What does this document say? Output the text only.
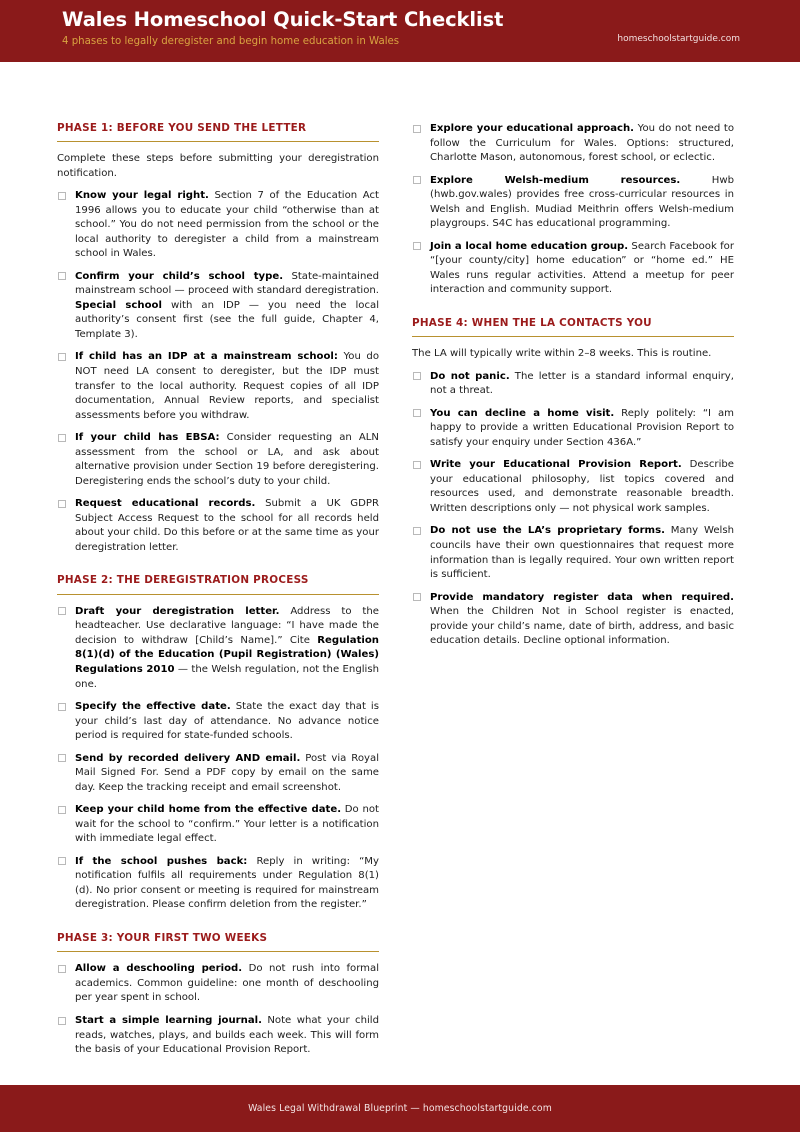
Wales Homeschool Quick-Start Checklist
4 phases to legally deregister and begin home education in Wales	homeschoolstartguide.com
PHASE 1: BEFORE YOU SEND THE LETTER

Complete these steps before submitting your deregistration notification.

Know your legal right. Section 7 of the Education Act 1996 allows you to educate your child “otherwise than at school.” You do not need permission from the school or the local authority to deregister a child from a mainstream school in Wales.
Confirm your child’s school type. State-maintained mainstream school — proceed with standard deregistration. Special school with an IDP — you need the local authority’s consent first (see the full guide, Chapter 4, Template 3).
If child has an IDP at a mainstream school: You do NOT need LA consent to deregister, but the IDP must transfer to the local authority. Request copies of all IDP documentation, Annual Review reports, and specialist assessments before you withdraw.
If your child has EBSA: Consider requesting an ALN assessment from the school or LA, and ask about alternative provision under Section 19 before deregistering. Deregistering ends the school’s duty to your child.
Request educational records. Submit a UK GDPR Subject Access Request to the school for all records held about your child. Do this before or at the same time as your deregistration letter.
PHASE 2: THE DEREGISTRATION PROCESS
Draft your deregistration letter. Address to the headteacher. Use declarative language: “I have made the decision to withdraw [Child’s Name].” Cite Regulation 8(1)(d) of the Education (Pupil Registration) (Wales) Regulations 2010 — the Welsh regulation, not the English one.
Specify the effective date. State the exact day that is your child’s last day of attendance. No advance notice period is required for state-funded schools.
Send by recorded delivery AND email. Post via Royal Mail Signed For. Send a PDF copy by email on the same day. Keep the tracking receipt and email screenshot.
Keep your child home from the effective date. Do not wait for the school to “confirm.” Your letter is a notification with immediate legal effect.
If the school pushes back: Reply in writing: “My notification fulfils all requirements under Regulation 8(1)(d). No prior consent or meeting is required for mainstream deregistration. Please confirm deletion from the register.”
PHASE 3: YOUR FIRST TWO WEEKS
Allow a deschooling period. Do not rush into formal academics. Common guideline: one month of deschooling per year spent in school.
Start a simple learning journal. Note what your child reads, watches, plays, and builds each week. This will form the basis of your Educational Provision Report.
Explore your educational approach. You do not need to follow the Curriculum for Wales. Options: structured, Charlotte Mason, autonomous, forest school, or eclectic.
Explore Welsh-medium resources. Hwb (hwb.gov.wales) provides free cross-curricular resources in Welsh and English. Mudiad Meithrin offers Welsh-medium playgroups. S4C has educational programming.
Join a local home education group. Search Facebook for “[your county/city] home education” or “home ed.” HE Wales runs regular activities. Attend a meetup for peer interaction and community support.
PHASE 4: WHEN THE LA CONTACTS YOU

The LA will typically write within 2–8 weeks. This is routine.

Do not panic. The letter is a standard informal enquiry, not a threat.
You can decline a home visit. Reply politely: “I am happy to provide a written Educational Provision Report to satisfy your enquiry under Section 436A.”
Write your Educational Provision Report. Describe your educational philosophy, list topics covered and resources used, and demonstrate reasonable breadth. Written descriptions only — not physical work samples.
Do not use the LA’s proprietary forms. Many Welsh councils have their own questionnaires that request more information than is legally required. Your own written report is sufficient.
Provide mandatory register data when required. When the Children Not in School register is enacted, provide your child’s name, date of birth, address, and basic education details. Decline optional information.
Wales Legal Withdrawal Blueprint — homeschoolstartguide.com
